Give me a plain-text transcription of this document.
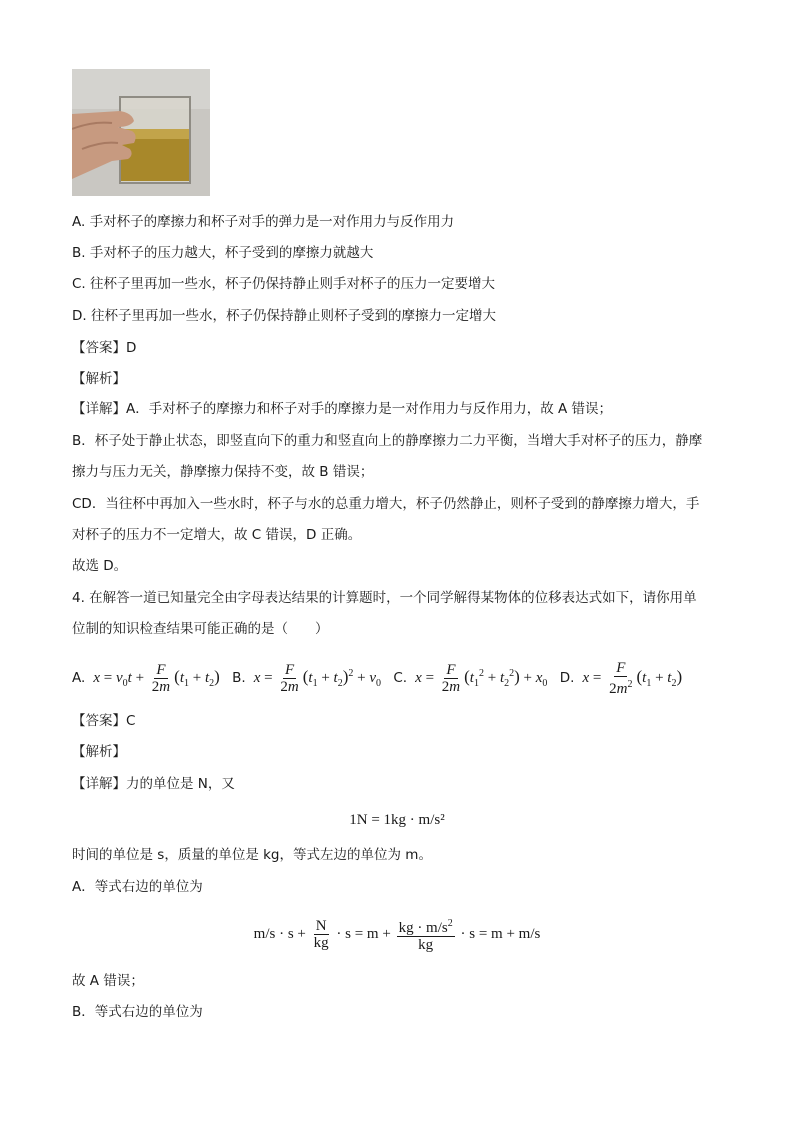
A. 手对杯子的摩擦力和杯子对手的弹力是一对作用力与反作用力
B. 手对杯子的压力越大，杯子受到的摩擦力就越大
C. 往杯子里再加一些水，杯子仍保持静止则手对杯子的压力一定要增大
D. 往杯子里再加一些水，杯子仍保持静止则杯子受到的摩擦力一定增大
【答案】D
【解析】
【详解】A．手对杯子的摩擦力和杯子对手的摩擦力是一对作用力与反作用力，故 A 错误；
B．杯子处于静止状态，即竖直向下的重力和竖直向上的静摩擦力二力平衡，当增大手对杯子的压力，静摩
擦力与压力无关，静摩擦力保持不变，故 B 错误；
CD．当往杯中再加入一些水时，杯子与水的总重力增大，杯子仍然静止，则杯子受到的静摩擦力增大，手
对杯子的压力不一定增大，故 C 错误，D 正确。
故选 D。
4. 在解答一道已知量完全由字母表达结果的计算题时，一个同学解得某物体的位移表达式如下，请你用单
位制的知识检查结果可能正确的是（　　）
A. $x = v_0t + \frac{F}{2m} (t_1 + t_2)$ B. $x = \frac{F}{2m} (t_1 + t_2)^2 + v_0$ C. $x = \frac{F}{2m} (t_1^2 + t_2^2) + x_0$ D. $x = \frac{F}{2m^2} (t_1 + t_2)$
【答案】C
【解析】
【详解】力的单位是 N，又
1N = 1kg · m/s²
时间的单位是 s，质量的单位是 kg，等式左边的单位为 m。
A．等式右边的单位为
$m/s \cdot s + \frac{N}{kg} \cdot s = m + \frac{kg \cdot m/s^2}{kg} \cdot s = m + m/s$
故 A 错误；
B．等式右边的单位为
